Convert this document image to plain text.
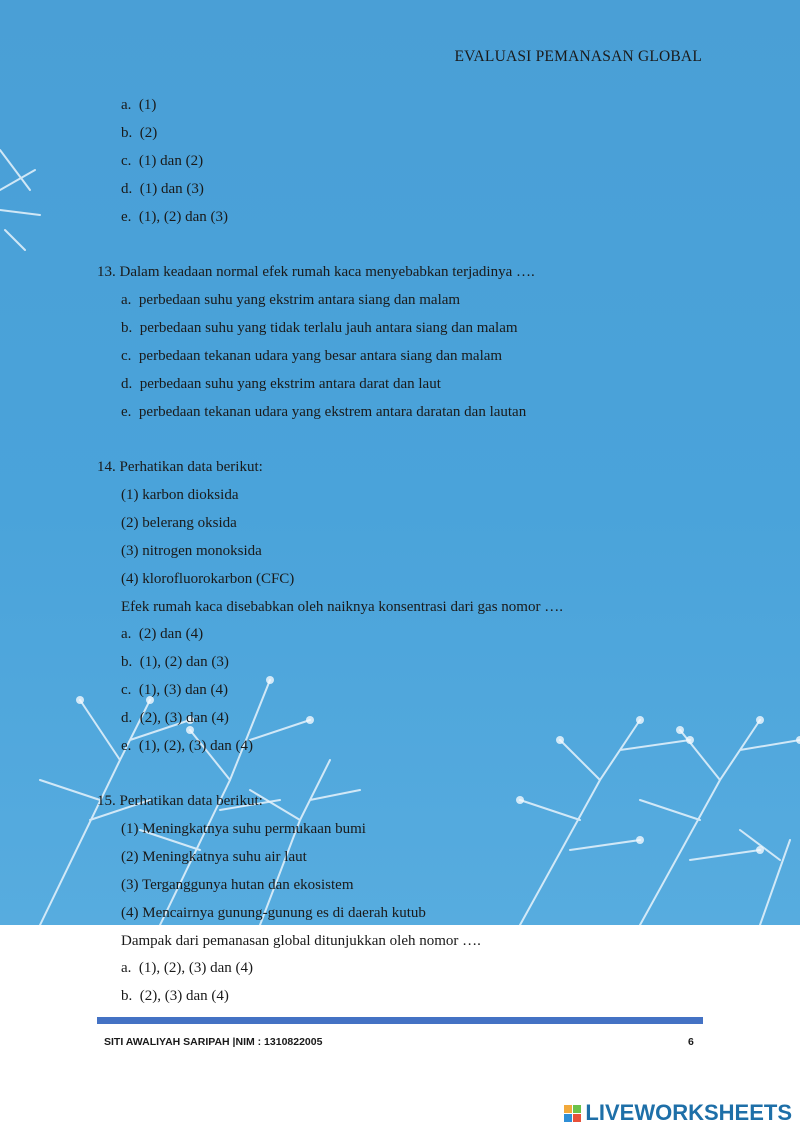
EVALUASI PEMANASAN GLOBAL
a. (1)
b. (2)
c. (1) dan (2)
d. (1) dan (3)
e. (1), (2) dan (3)
13. Dalam keadaan normal efek rumah kaca menyebabkan terjadinya ….
a. perbedaan suhu yang ekstrim antara siang dan malam
b. perbedaan suhu yang tidak terlalu jauh antara siang dan malam
c. perbedaan tekanan udara yang besar antara siang dan malam
d. perbedaan suhu yang ekstrim antara darat dan laut
e. perbedaan tekanan udara yang ekstrem antara daratan dan lautan
14. Perhatikan data berikut:
(1) karbon dioksida
(2) belerang oksida
(3) nitrogen monoksida
(4) klorofluorokarbon (CFC)
Efek rumah kaca disebabkan oleh naiknya konsentrasi dari gas nomor ….
a. (2) dan (4)
b. (1), (2) dan (3)
c. (1), (3) dan (4)
d. (2), (3) dan (4)
e. (1), (2), (3) dan (4)
15. Perhatikan data berikut:
(1) Meningkatnya suhu permukaan bumi
(2) Meningkatnya suhu air laut
(3) Terganggunya hutan dan ekosistem
(4) Mencairnya gunung-gunung es di daerah kutub
Dampak dari pemanasan global ditunjukkan oleh nomor ….
a. (1), (2), (3) dan (4)
b. (2), (3) dan (4)
SITI AWALIYAH SARIPAH |NIM : 1310822005	6
LIVEWORKSHEETS
